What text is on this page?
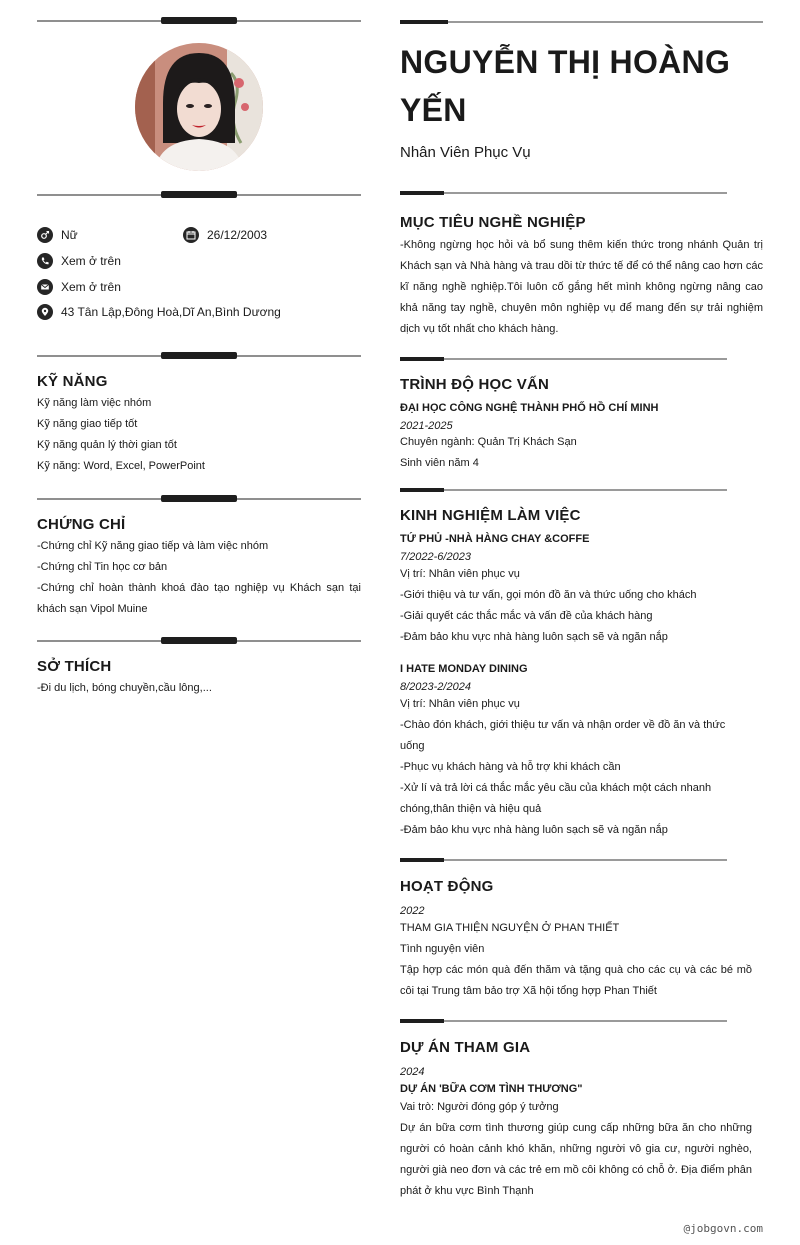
Nữ	26/12/2003
Xem ở trên
Xem ở trên
43 Tân Lập,Đông Hoà,Dĩ An,Bình Dương
KỸ NĂNG

Kỹ năng làm việc nhóm

Kỹ năng giao tiếp tốt

Kỹ năng quản lý thời gian tốt

Kỹ năng: Word, Excel, PowerPoint

CHỨNG CHỈ

-Chứng chỉ Kỹ năng giao tiếp và làm việc nhóm

-Chứng chỉ Tin học cơ bản

-Chứng chỉ hoàn thành khoá đào tạo nghiệp vụ Khách sạn tại khách sạn Vipol Muine

SỞ THÍCH

-Đi du lịch, bóng chuyền,cầu lông,...

NGUYỄN THỊ HOÀNG YẾN

Nhân Viên Phục Vụ

MỤC TIÊU NGHỀ NGHIỆP

-Không ngừng học hỏi và bổ sung thêm kiến thức trong nhánh Quản trị Khách sạn và Nhà hàng và trau dồi từ thức tế để có thể nâng cao hơn các kĩ năng nghề nghiệp.Tôi luôn cố gắng hết mình không ngừng nâng cao khả năng tay nghề, chuyên môn nghiệp vụ để mang đến sự trải nghiệm dịch vụ tốt nhất cho khách hàng.

TRÌNH ĐỘ HỌC VẤN

ĐẠI HỌC CÔNG NGHỆ THÀNH PHỐ HỒ CHÍ MINH

2021-2025

Chuyên ngành: Quản Trị Khách Sạn

Sinh viên năm 4

KINH NGHIỆM LÀM VIỆC

TỨ PHỦ -NHÀ HÀNG CHAY &COFFE

7/2022-6/2023

Vị trí: Nhân viên phục vụ

-Giới thiệu và tư vấn, gọi món đồ ăn và thức uống cho khách

-Giải quyết các thắc mắc và vấn đề của khách hàng

-Đảm bảo khu vực nhà hàng luôn sạch sẽ và ngăn nắp

I HATE MONDAY DINING

8/2023-2/2024

Vị trí: Nhân viên phục vụ

-Chào đón khách, giới thiệu tư vấn và nhận order về đồ ăn và thức uống

-Phục vụ khách hàng và hỗ trợ khi khách cần

-Xử lí và trả lời cá thắc mắc yêu cầu của khách một cách nhanh chóng,thân thiện và hiệu quả

-Đảm bảo khu vực nhà hàng luôn sạch sẽ và ngăn nắp

HOẠT ĐỘNG

2022

THAM GIA THIỆN NGUYỆN Ở PHAN THIẾT

Tình nguyện viên

Tập hợp các món quà đến thăm và tặng quà cho các cụ và các bé mồ côi tại Trung tâm bảo trợ Xã hội tổng hợp Phan Thiết

DỰ ÁN THAM GIA

2024

DỰ ÁN 'BỮA CƠM TÌNH THƯƠNG"

Vai trò: Người đóng góp ý tưởng

Dự án bữa cơm tình thương giúp cung cấp những bữa ăn cho những người có hoàn cảnh khó khăn, những người vô gia cư, người nghèo, người già neo đơn và các trẻ em mồ côi không có chỗ ở. Địa điểm phân phát ở khu vực Bình Thạnh

@jobgovn.com
